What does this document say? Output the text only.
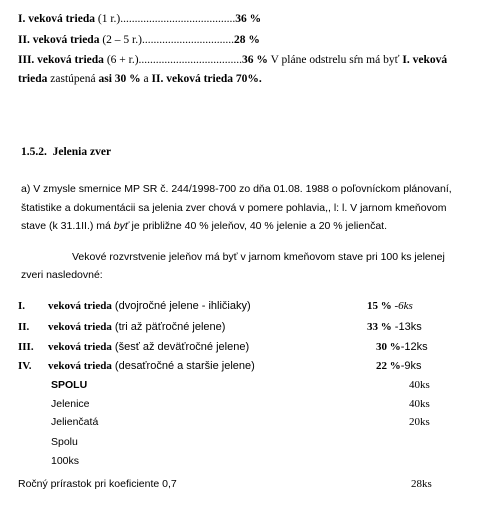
I. veková trieda (1 r.)........................................36 %
II. veková trieda (2 – 5 r.)................................28 %
III. veková trieda (6 + r.)....................................36 % V pláne odstrelu sŕn má byť I. veková
trieda zastúpená asi 30 % a II. veková trieda 70%.
1.5.2. Jelenia zver
a) V zmysle smernice MP SR č. 244/1998-700 zo dňa 01.08. 1988 o poľovníckom plánovaní,
štatistike a dokumentácii sa jelenia zver chová v pomere pohlavia,, l: l. V jarnom kmeňovom
stave (k 31.1II.) má byť je približne 40 % jeleňov, 40 % jelenie a 20 % jelienčat.
Vekové rozvrstvenie jeleňov má byť v jarnom kmeňovom stave pri 100 ks jelenej
zveri nasledovné:
I. veková trieda (dvojročné jelene - ihličiaky)	15 % -6ks
II. veková trieda (tri až päťročné jelene)	33 % -13ks
III. veková trieda (šesť až deväťročné jelene)	30 %-12ks
IV. veková trieda (desaťročné a staršie jelene)	22 %-9ks
SPOLU	40ks
Jelenice	40ks
Jelienčatá	20ks
Spolu
100ks
Ročný prírastok pri koeficiente 0,7	28ks
